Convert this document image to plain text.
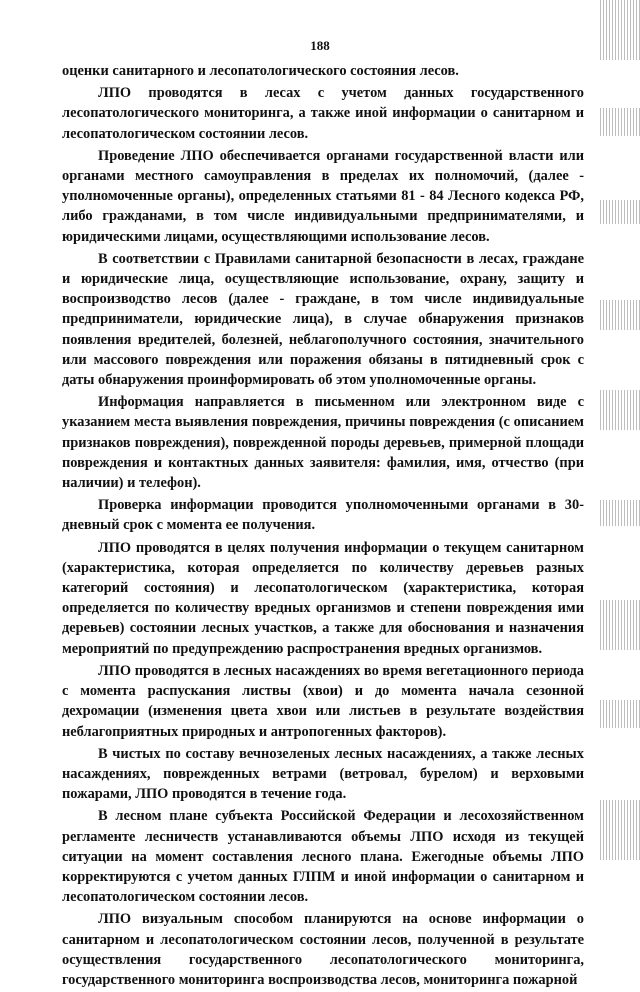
188

оценки санитарного и лесопатологического состояния лесов.

ЛПО проводятся в лесах с учетом данных государственного лесопатологического мониторинга, а также иной информации о санитарном и лесопатологическом состоянии лесов.

Проведение ЛПО обеспечивается органами государственной власти или органами местного самоуправления в пределах их полномочий, (далее - уполномоченные органы), определенных статьями 81 - 84 Лесного кодекса РФ, либо гражданами, в том числе индивидуальными предпринимателями, и юридическими лицами, осуществляющими использование лесов.

В соответствии с Правилами санитарной безопасности в лесах, граждане и юридические лица, осуществляющие использование, охрану, защиту и воспроизводство лесов (далее - граждане, в том числе индивидуальные предприниматели, юридические лица), в случае обнаружения признаков появления вредителей, болезней, неблагополучного состояния, значительного или массового повреждения или поражения обязаны в пятидневный срок с даты обнаружения проинформировать об этом уполномоченные органы.

Информация направляется в письменном или электронном виде с указанием места выявления повреждения, причины повреждения (с описанием признаков повреждения), поврежденной породы деревьев, примерной площади повреждения и контактных данных заявителя: фамилия, имя, отчество (при наличии) и телефон).

Проверка информации проводится уполномоченными органами в 30-дневный срок с момента ее получения.

ЛПО проводятся в целях получения информации о текущем санитарном (характеристика, которая определяется по количеству деревьев разных категорий состояния) и лесопатологическом (характеристика, которая определяется по количеству вредных организмов и степени повреждения ими деревьев) состоянии лесных участков, а также для обоснования и назначения мероприятий по предупреждению распространения вредных организмов.

ЛПО проводятся в лесных насаждениях во время вегетационного периода с момента распускания листвы (хвои) и до момента начала сезонной дехромации (изменения цвета хвои или листьев в результате воздействия неблагоприятных природных и антропогенных факторов).

В чистых по составу вечнозеленых лесных насаждениях, а также лесных насаждениях, поврежденных ветрами (ветровал, бурелом) и верховыми пожарами, ЛПО проводятся в течение года.

В лесном плане субъекта Российской Федерации и лесохозяйственном регламенте лесничеств устанавливаются объемы ЛПО исходя из текущей ситуации на момент составления лесного плана. Ежегодные объемы ЛПО корректируются с учетом данных ГЛПМ и иной информации о санитарном и лесопатологическом состоянии лесов.

ЛПО визуальным способом планируются на основе информации о санитарном и лесопатологическом состоянии лесов, полученной в результате осуществления государственного лесопатологического мониторинга, государственного мониторинга воспроизводства лесов, мониторинга пожарной
